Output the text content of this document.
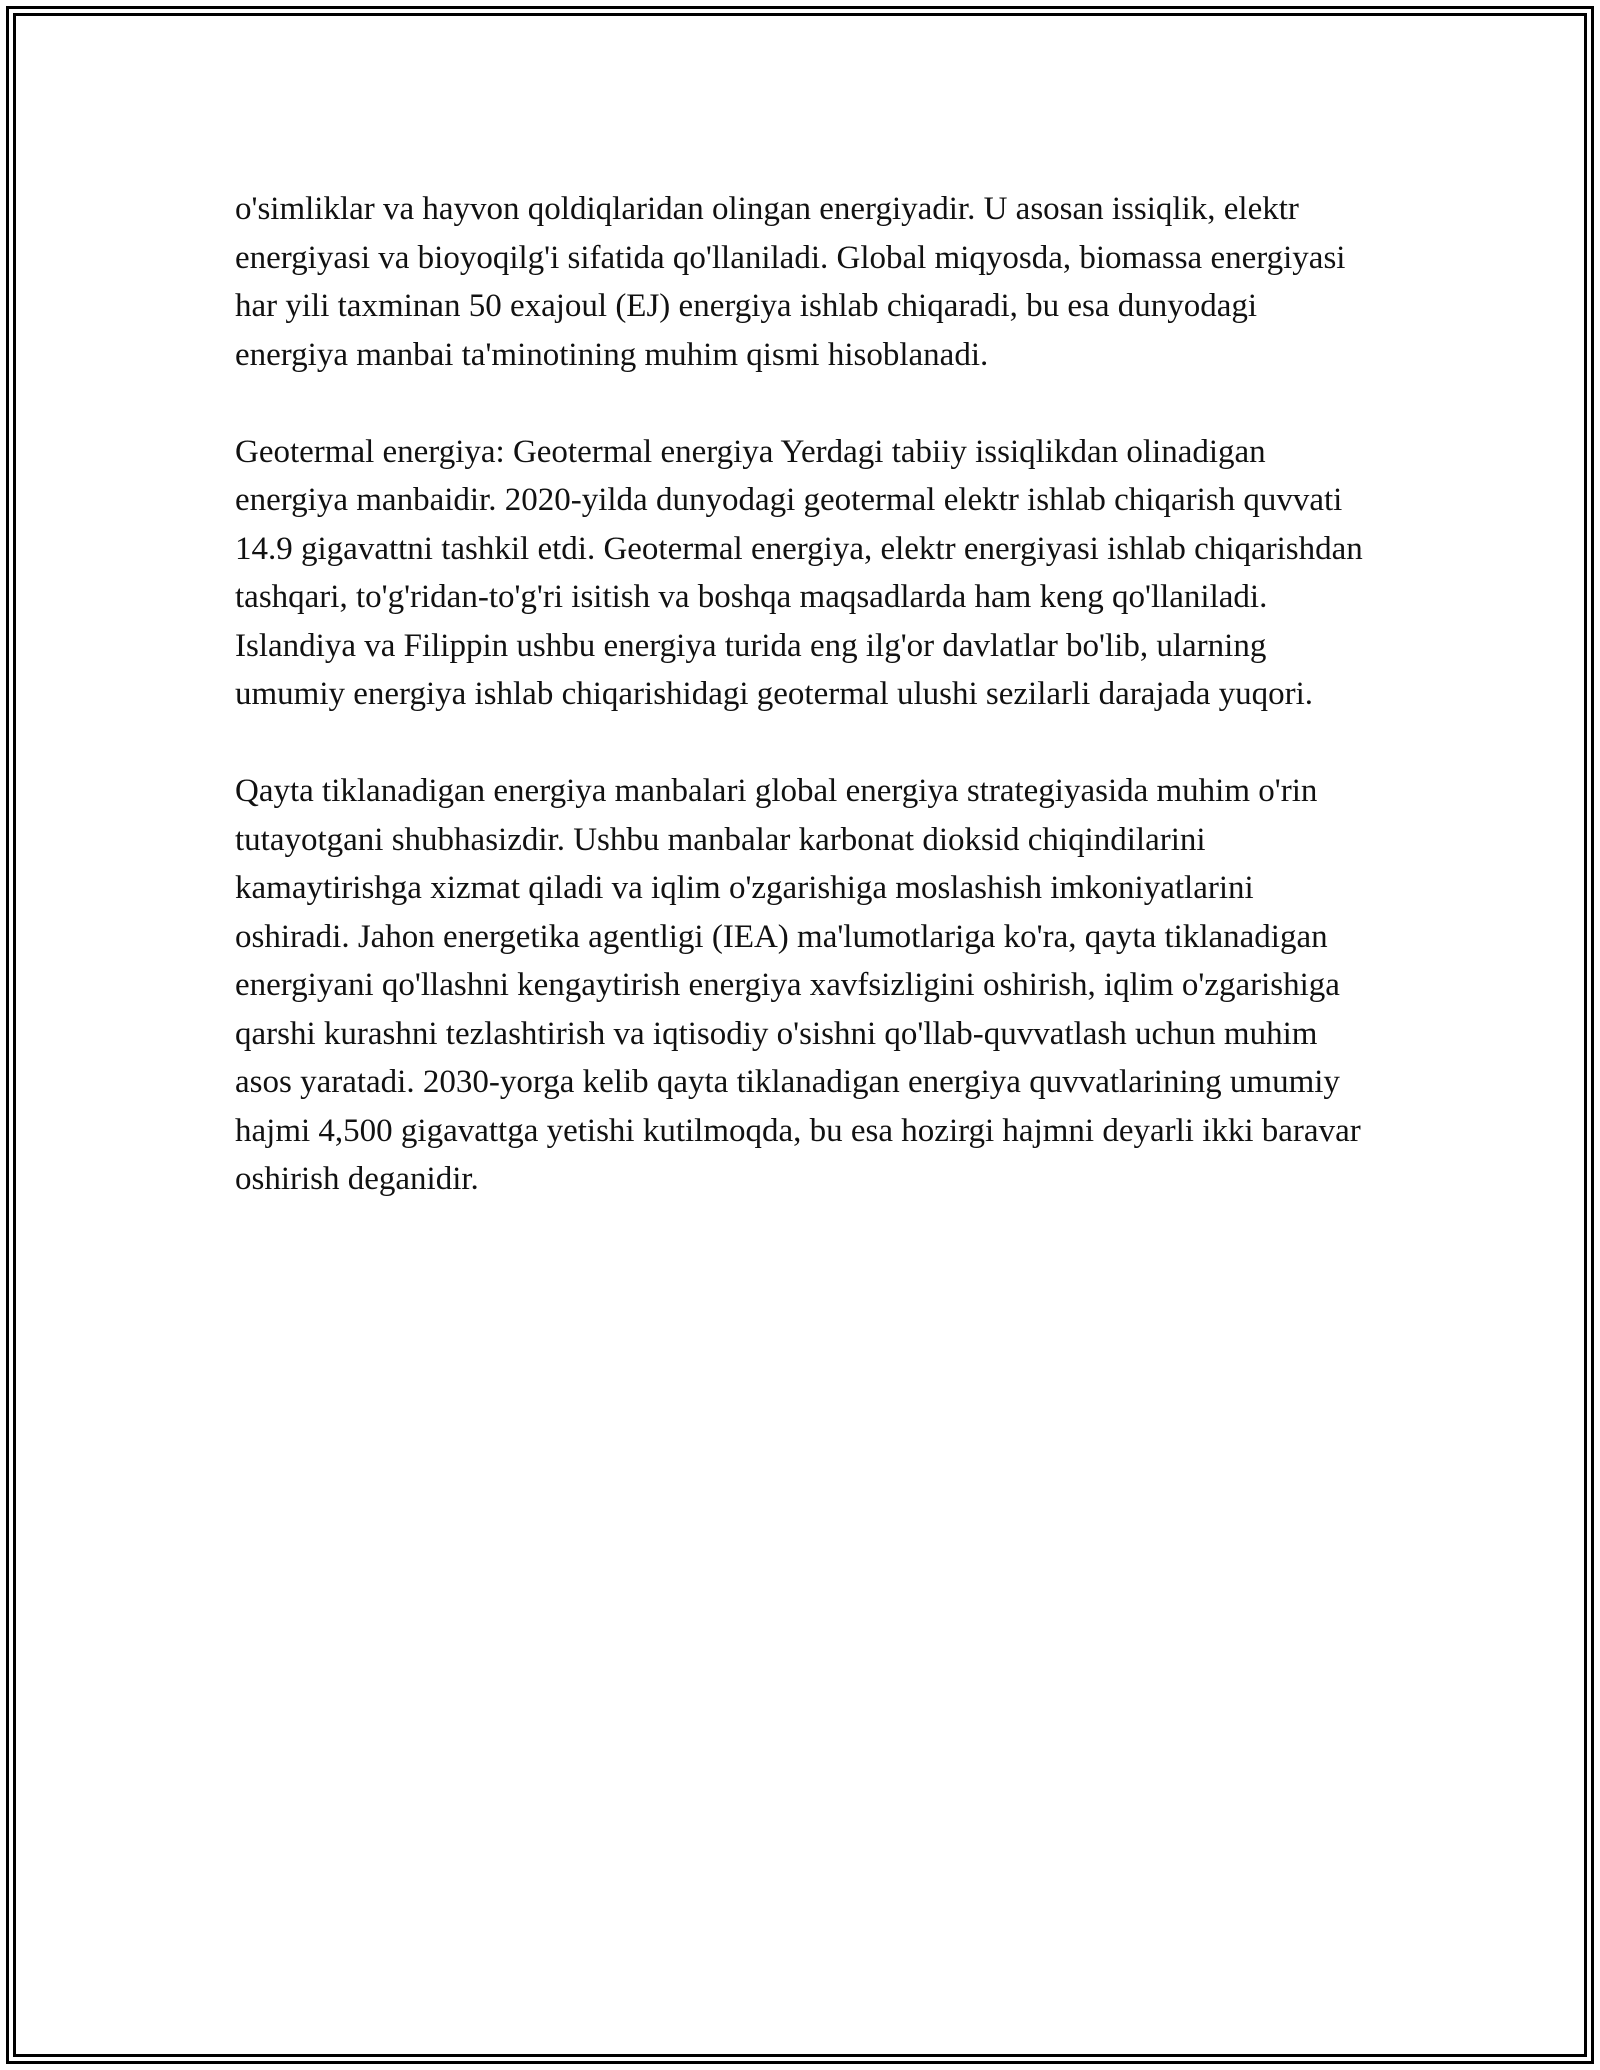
o'simliklar va hayvon qoldiqlaridan olingan energiyadir. U asosan issiqlik, elektr energiyasi va bioyoqilg'i sifatida qo'llaniladi. Global miqyosda, biomassa energiyasi har yili taxminan 50 exajoul (EJ) energiya ishlab chiqaradi, bu esa dunyodagi energiya manbai ta'minotining muhim qismi hisoblanadi.

Geotermal energiya: Geotermal energiya Yerdagi tabiiy issiqlikdan olinadigan energiya manbaidir. 2020-yilda dunyodagi geotermal elektr ishlab chiqarish quvvati 14.9 gigavattni tashkil etdi. Geotermal energiya, elektr energiyasi ishlab chiqarishdan tashqari, to'g'ridan-to'g'ri isitish va boshqa maqsadlarda ham keng qo'llaniladi. Islandiya va Filippin ushbu energiya turida eng ilg'or davlatlar bo'lib, ularning umumiy energiya ishlab chiqarishidagi geotermal ulushi sezilarli darajada yuqori.

Qayta tiklanadigan energiya manbalari global energiya strategiyasida muhim o'rin tutayotgani shubhasizdir. Ushbu manbalar karbonat dioksid chiqindilarini kamaytirishga xizmat qiladi va iqlim o'zgarishiga moslashish imkoniyatlarini oshiradi. Jahon energetika agentligi (IEA) ma'lumotlariga ko'ra, qayta tiklanadigan energiyani qo'llashni kengaytirish energiya xavfsizligini oshirish, iqlim o'zgarishiga qarshi kurashni tezlashtirish va iqtisodiy o'sishni qo'llab-quvvatlash uchun muhim asos yaratadi. 2030-yorga kelib qayta tiklanadigan energiya quvvatlarining umumiy hajmi 4,500 gigavattga yetishi kutilmoqda, bu esa hozirgi hajmni deyarli ikki baravar oshirish deganidir.
